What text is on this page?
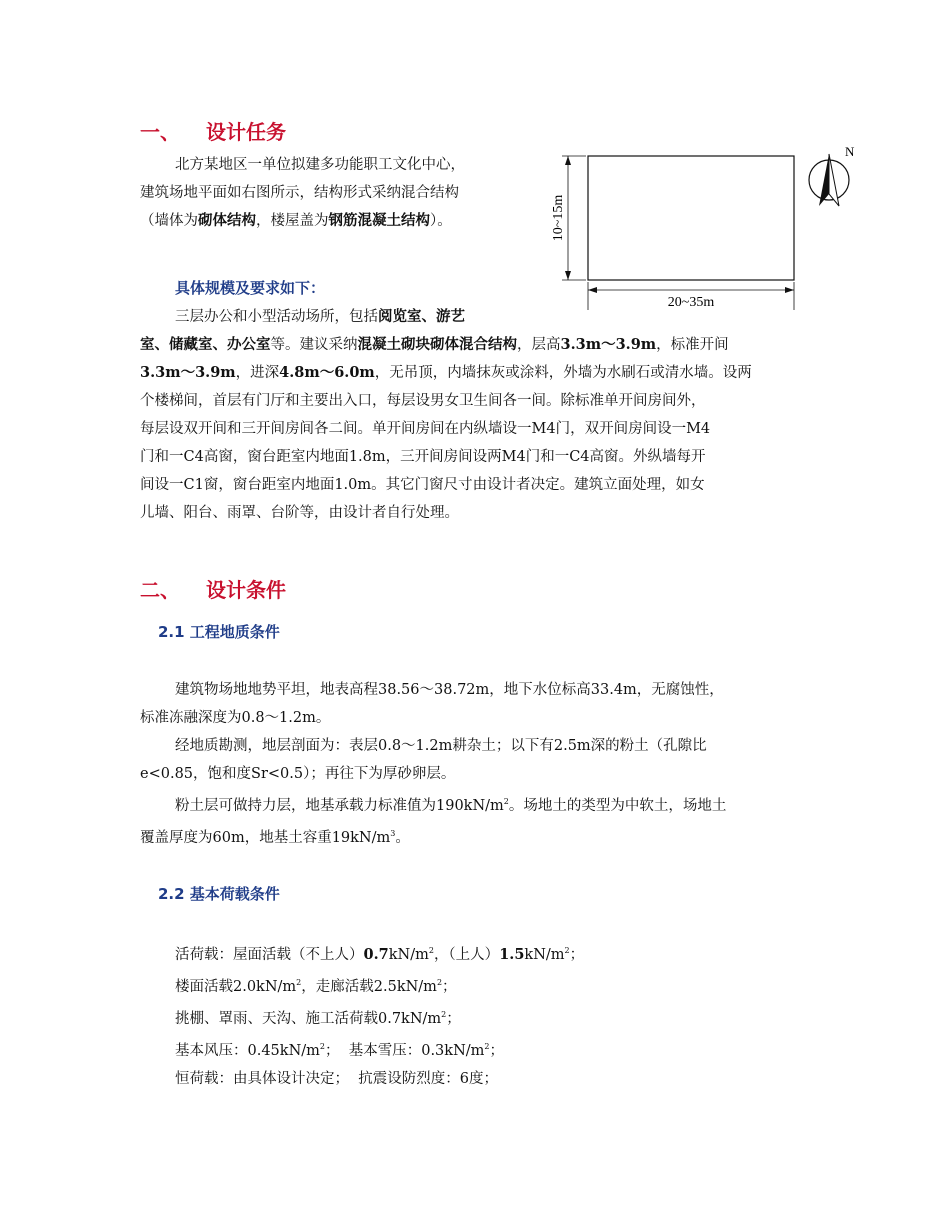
一、 设计任务
北方某地区一单位拟建多功能职工文化中心，
建筑场地平面如右图所示，结构形式采纳混合结构
（墙体为砌体结构，楼屋盖为钢筋混凝土结构）。
具体规模及要求如下：
三层办公和小型活动场所，包括阅览室、游艺
室、储藏室、办公室等。建议采纳混凝土砌块砌体混合结构，层高3.3m～3.9m，标准开间
3.3m～3.9m，进深4.8m～6.0m，无吊顶，内墙抹灰或涂料，外墙为水刷石或清水墙。设两
个楼梯间，首层有门厅和主要出入口，每层设男女卫生间各一间。除标准单开间房间外，
每层设双开间和三开间房间各二间。单开间房间在内纵墙设一M4门，双开间房间设一M4
门和一C4高窗，窗台距室内地面1.8m，三开间房间设两M4门和一C4高窗。外纵墙每开
间设一C1窗，窗台距室内地面1.0m。其它门窗尺寸由设计者决定。建筑立面处理，如女
儿墙、阳台、雨罩、台阶等，由设计者自行处理。
10~15m
20~35m
N
二、 设计条件
2.1 工程地质条件
建筑物场地地势平坦，地表高程38.56～38.72m，地下水位标高33.4m，无腐蚀性，
标准冻融深度为0.8～1.2m。
经地质勘测，地层剖面为：表层0.8～1.2m耕杂土；以下有2.5m深的粉土（孔隙比
e<0.85，饱和度Sr<0.5）；再往下为厚砂卵层。
粉土层可做持力层，地基承载力标准值为$190kN/m^2$。场地土的类型为中软土，场地土
覆盖厚度为60m，地基土容重$19kN/m^3$。
2.2 基本荷载条件
活荷载：屋面活载（不上人）$0.7kN/m^2$，（上人）$1.5kN/m^2$；
楼面活载$2.0kN/m^2$，走廊活载$2.5kN/m^2$；
挑棚、罩雨、天沟、施工活荷载$0.7kN/m^2$；
基本风压：$0.45kN/m^2$；  基本雪压：$0.3kN/m^2$；
恒荷载：由具体设计决定；  抗震设防烈度：6度；
